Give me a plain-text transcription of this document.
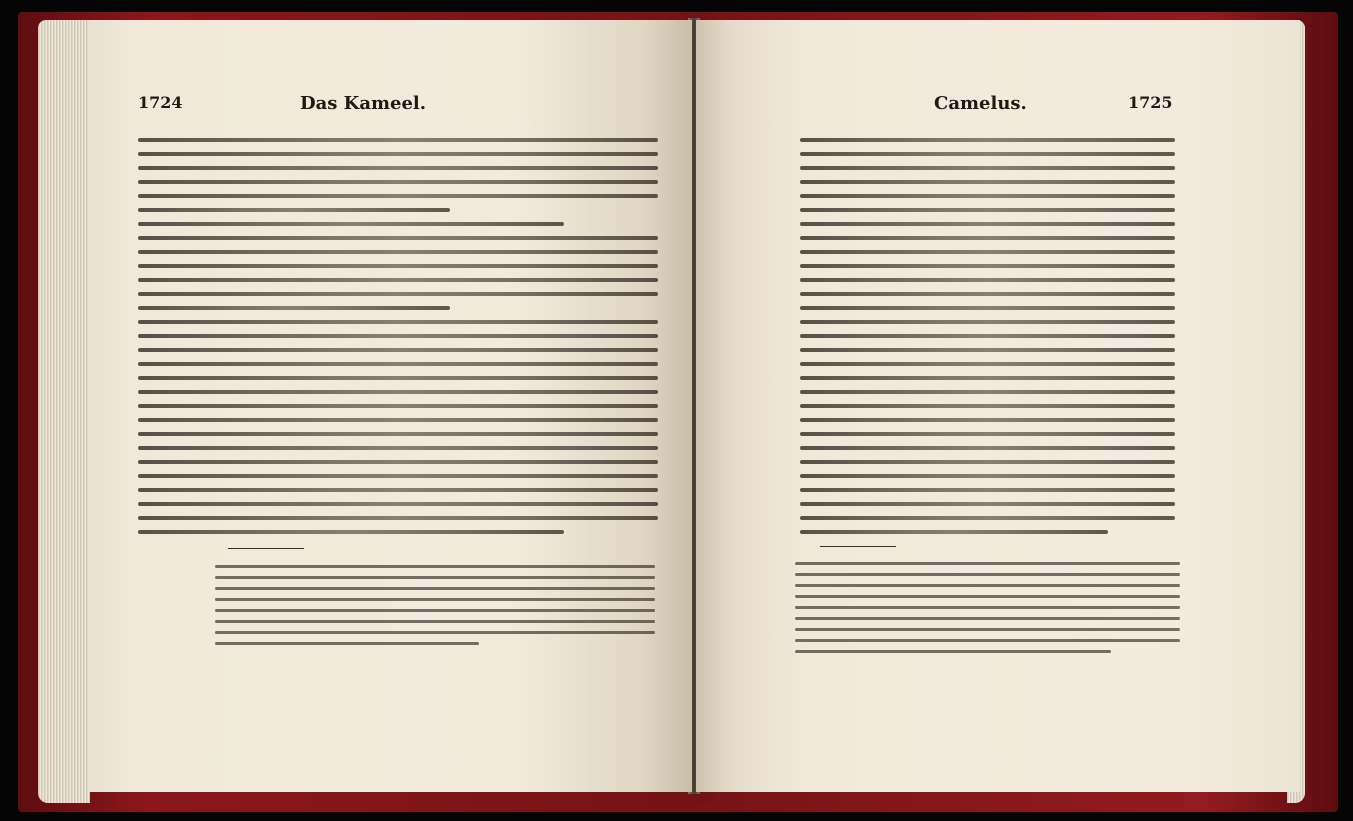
1724	Das Kameel.	Camelus.	1725
